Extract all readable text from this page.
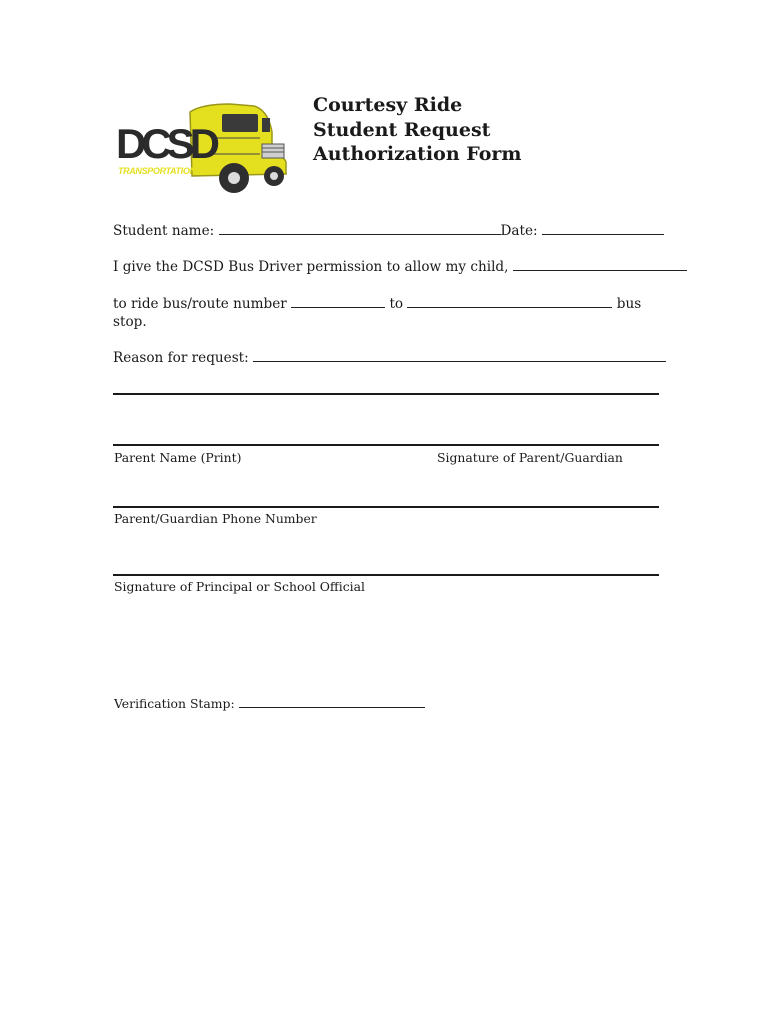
DCSD
TRANSPORTATION
Courtesy Ride
Student Request
Authorization Form
Student name:	Date:
I give the DCSD Bus Driver permission to allow my child,
to ride bus/route number	to	bus
stop.
Reason for request:
Parent Name (Print)	Signature of Parent/Guardian
Parent/Guardian Phone Number
Signature of Principal or School Official
Verification Stamp:
